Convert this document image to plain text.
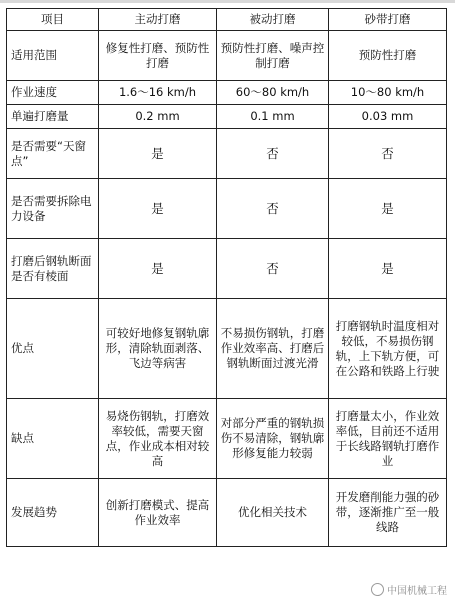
项目	主动打磨	被动打磨	砂带打磨
适用范围	修复性打磨、预防性打磨	预防性打磨、噪声控制打磨	预防性打磨
作业速度	1.6～16 km/h	60～80 km/h	10～80 km/h
单遍打磨量	0.2 mm	0.1 mm	0.03 mm
是否需要“天窗点”	是	否	否
是否需要拆除电力设备	是	否	是
打磨后钢轨断面是否有棱面	是	否	是
优点	可较好地修复钢轨廓形，清除轨面剥落、飞边等病害	不易损伤钢轨，打磨作业效率高、打磨后钢轨断面过渡光滑	打磨钢轨时温度相对较低，不易损伤钢轨，上下轨方便，可在公路和铁路上行驶
缺点	易烧伤钢轨，打磨效率较低，需要天窗点，作业成本相对较高	对部分严重的钢轨损伤不易清除，钢轨廓形修复能力较弱	打磨量太小，作业效率低，目前还不适用于长线路钢轨打磨作业
发展趋势	创新打磨模式、提高作业效率	优化相关技术	开发磨削能力强的砂带，逐渐推广至一般线路
中国机械工程
